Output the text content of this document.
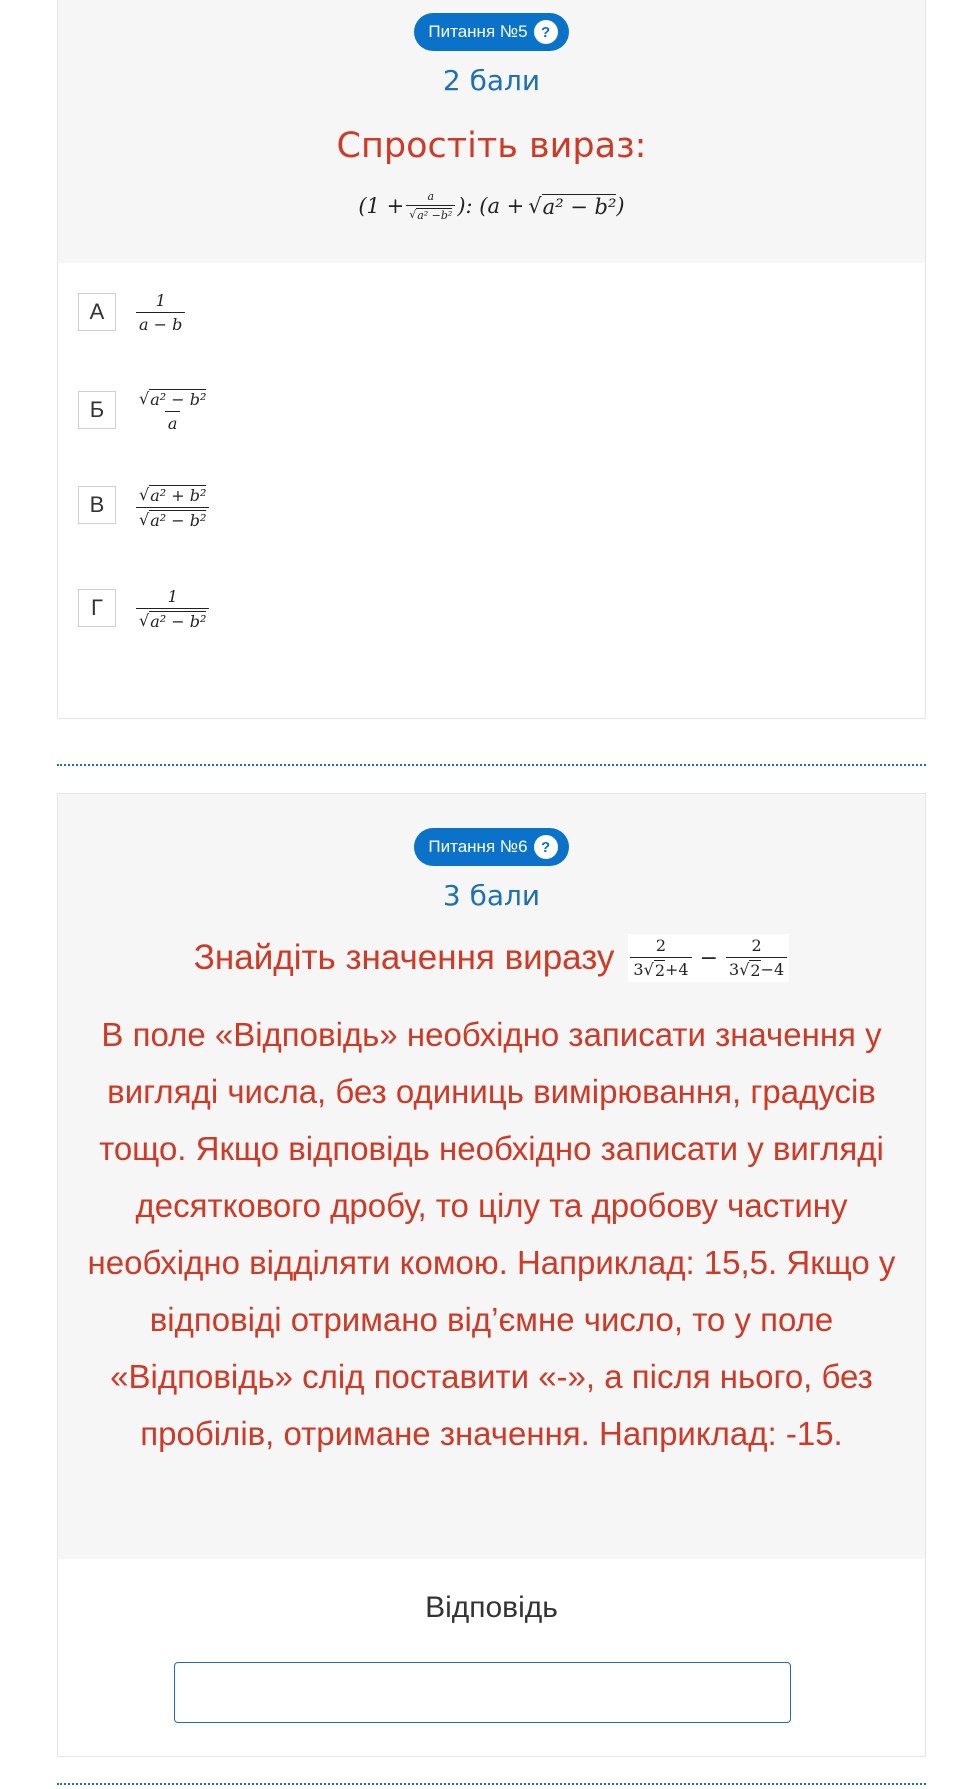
Питання №5 ?
2 бали
Спростіть вираз:
($1 + \frac{a}{\text{√ a² −b²}}$ ): (a + √ a² − b² )
А	$\frac{1}{a - b}$
Б	$\frac{\text{√ a² − b²}}{a}$
В	$\frac{\text{√ a² + b²}}{\text{√ a² − b²}}$
Г	$\frac{1}{\text{√ a² − b²}}$
Питання №6 ?
3 бали
Знайдіть значення виразу $\frac{2}{3 √ 2 +4} - \frac{2}{3 √ 2 -4}$
В поле «Відповідь» необхідно записати значення у вигляді числа, без одиниць вимірювання, градусів тощо. Якщо відповідь необхідно записати у вигляді десяткового дробу, то цілу та дробову частину необхідно відділяти комою. Наприклад: 15,5. Якщо у відповіді отримано від’ємне число, то у поле «Відповідь» слід поставити «-», а після нього, без пробілів, отримане значення. Наприклад: -15.
Відповідь
